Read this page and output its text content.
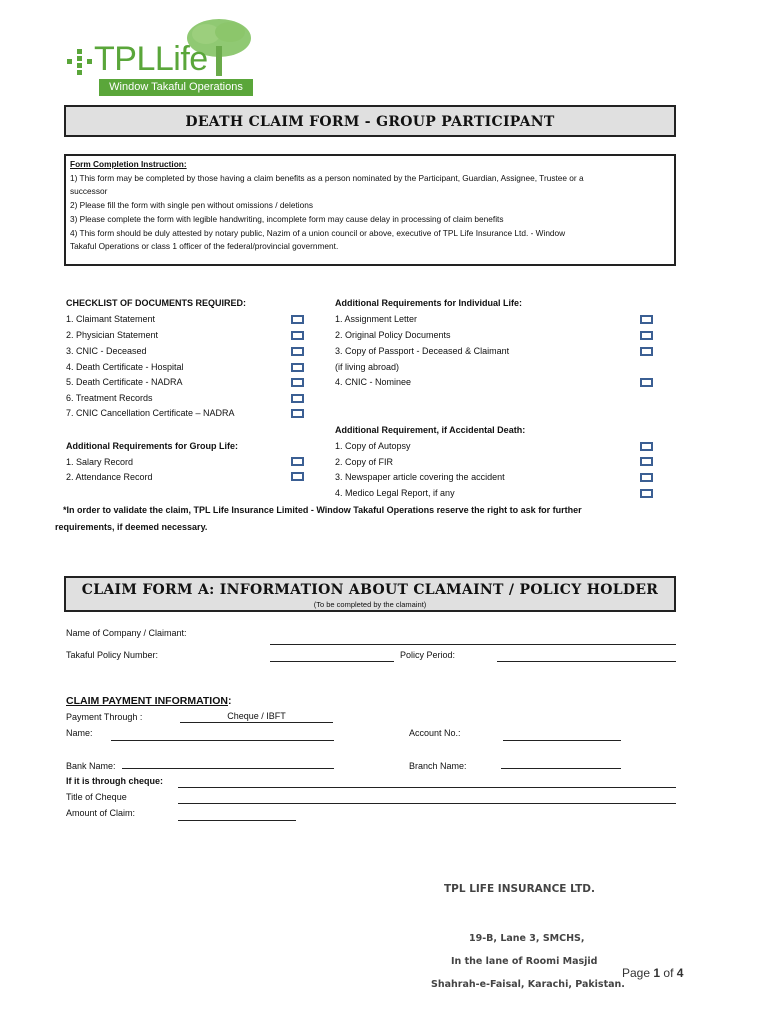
TPLLife
Window Takaful Operations
DEATH CLAIM FORM - GROUP PARTICIPANT
Form Completion Instruction:
1) This form may be completed by those having a claim benefits as a person nominated by the Participant, Guardian, Assignee, Trustee or a
successor
2) Please fill the form with single pen without omissions / deletions
3) Please complete the form with legible handwriting, incomplete form may cause delay in processing of claim benefits
4) This form should be duly attested by notary public, Nazim of a union council or above, executive of TPL Life Insurance Ltd. - Window
Takaful Operations or class 1 officer of the federal/provincial government.
CHECKLIST OF DOCUMENTS REQUIRED:
1. Claimant Statement
2. Physician Statement
3. CNIC - Deceased
4. Death Certificate - Hospital
5. Death Certificate - NADRA
6. Treatment Records
7. CNIC Cancellation Certificate – NADRA
Additional Requirements for Individual Life:
1. Assignment Letter
2. Original Policy Documents
3. Copy of Passport - Deceased & Claimant
(if living abroad)
4. CNIC - Nominee
Additional Requirements for Group Life:
1. Salary Record
2. Attendance Record
Additional Requirement, if Accidental Death:
1. Copy of Autopsy
2. Copy of FIR
3. Newspaper article covering the accident
4. Medico Legal Report, if any
*In order to validate the claim, TPL Life Insurance Limited - Window Takaful Operations reserve the right to ask for further
requirements, if deemed necessary.
CLAIM FORM A: INFORMATION ABOUT CLAMAINT / POLICY HOLDER
(To be completed by the clamaint)
Name of Company / Claimant:
Takaful Policy Number:	Policy Period:
CLAIM PAYMENT INFORMATION:
Payment Through :	Cheque / IBFT
Name:	Account No.:
Bank Name:	Branch Name:
If it is through cheque:
Title of Cheque
Amount of Claim:
TPL LIFE INSURANCE LTD.
19-B, Lane 3, SMCHS,
In the lane of Roomi Masjid
Shahrah-e-Faisal, Karachi, Pakistan.
Page 1 of 4
